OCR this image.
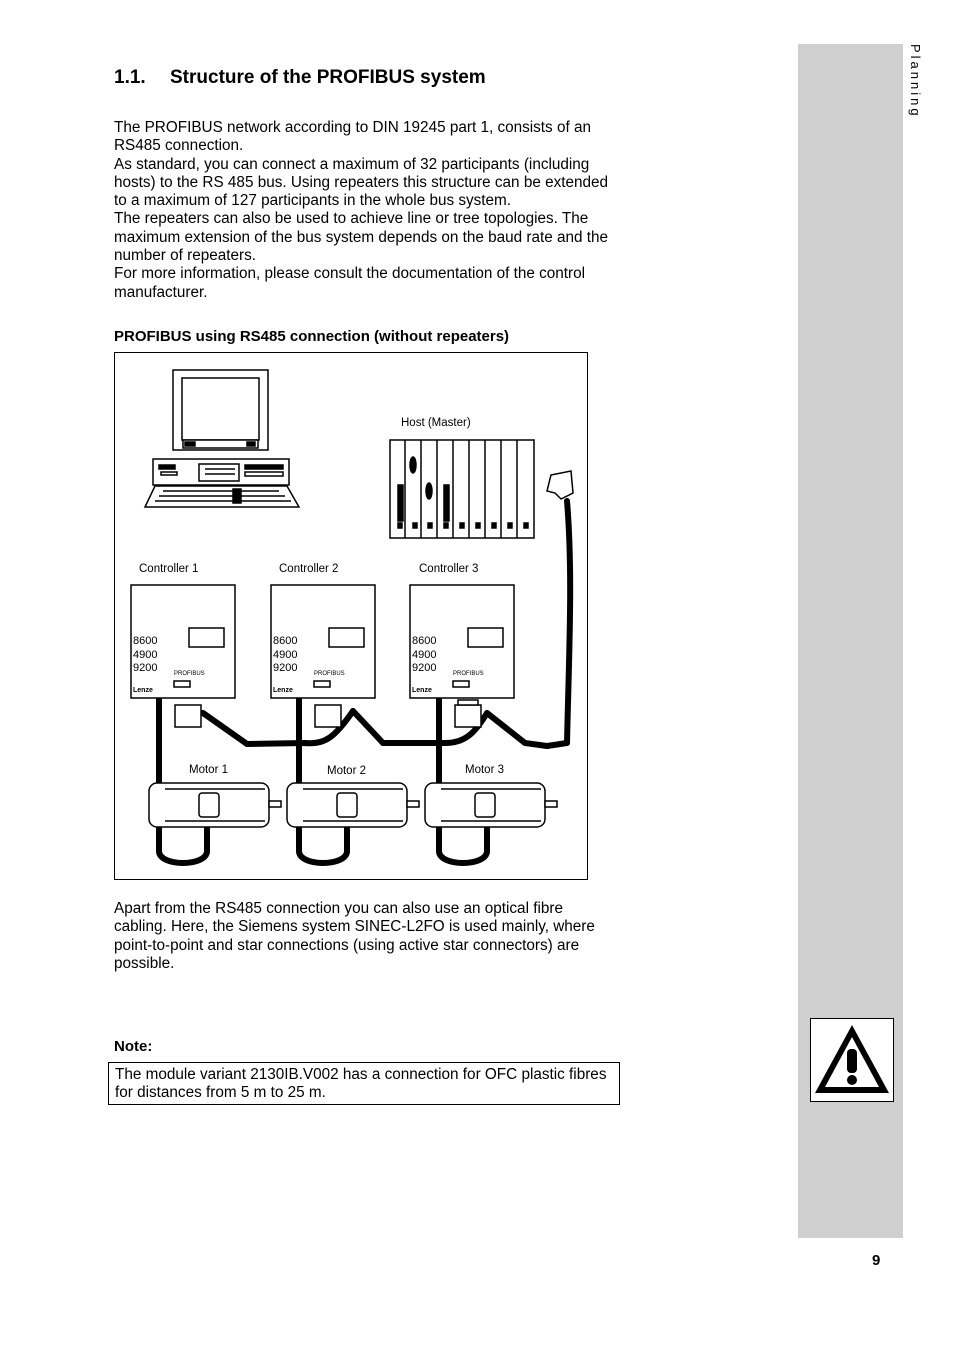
Planning
1.1. Structure of the PROFIBUS system

The PROFIBUS network according to DIN 19245 part 1, consists of an RS485 connection.

As standard, you can connect a maximum of 32 participants (including hosts) to the RS 485 bus. Using repeaters this structure can be extended to a maximum of 127 participants in the whole bus system.

The repeaters can also be used to achieve line or tree topologies. The maximum extension of the bus system depends on the baud rate and the number of repeaters.

For more information, please consult the documentation of the control manufacturer.

PROFIBUS using RS485 connection (without repeaters)
Host (Master)
Controller 1	Controller 2	Controller 3
8600
4900
9200
8600
4900
9200
8600
4900
9200
PROFIBUS	PROFIBUS	PROFIBUS
Lenze	Lenze	Lenze
Motor 1	Motor 2	Motor 3

Apart from the RS485 connection you can also use an optical fibre cabling. Here, the Siemens system SINEC-L2FO is used mainly, where point-to-point and star connections (using active star connectors) are possible.

Note:
The module variant 2130IB.V002 has a connection for OFC plastic fibres for distances from 5 m to 25 m.
9
